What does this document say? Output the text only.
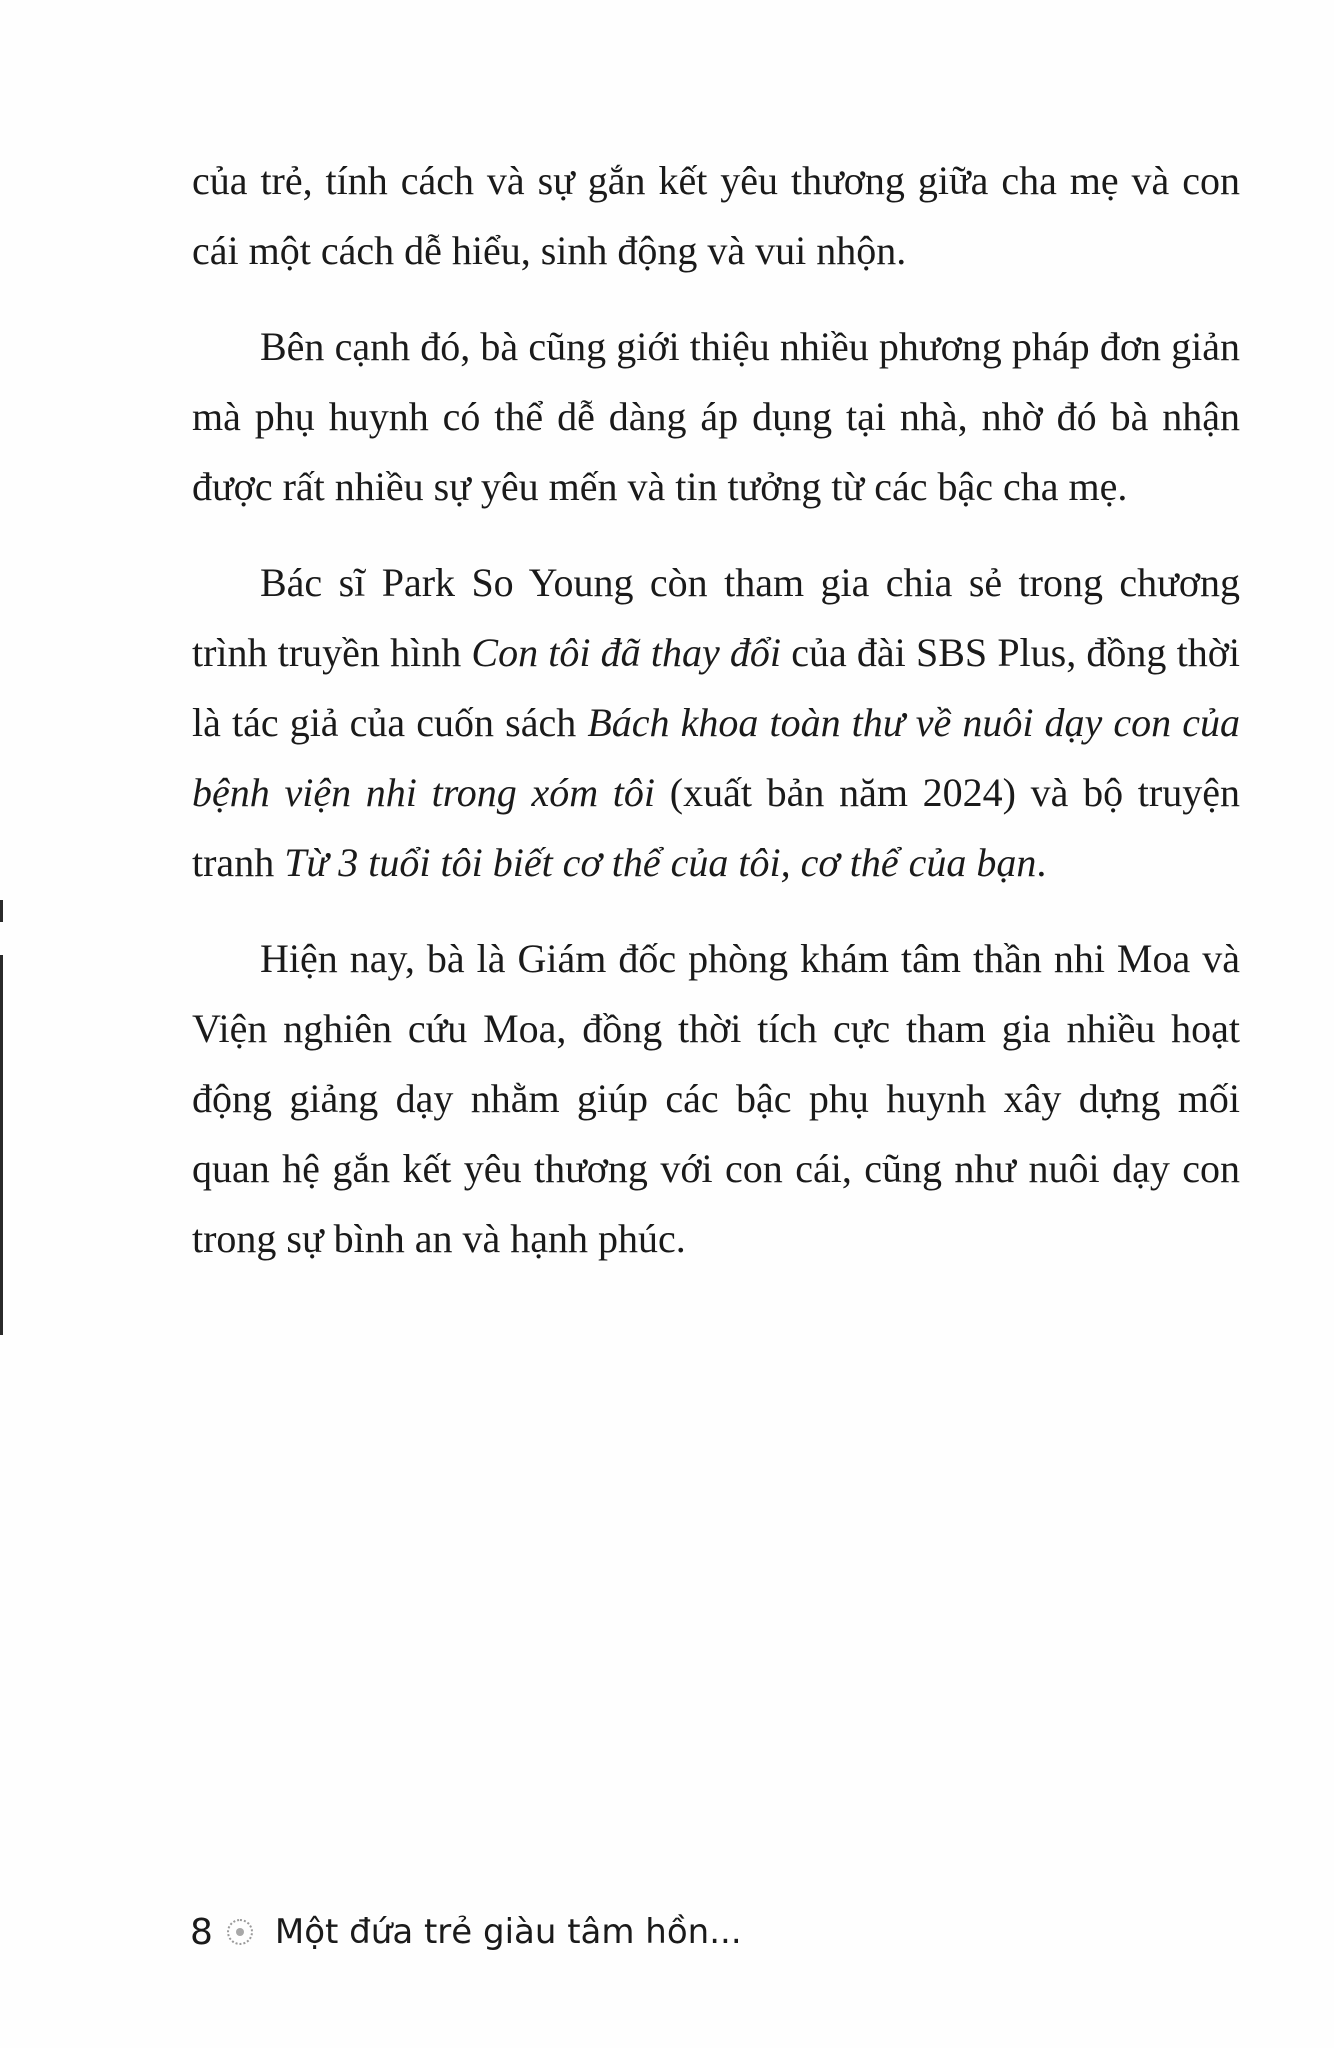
của trẻ, tính cách và sự gắn kết yêu thương giữa cha mẹ và con cái một cách dễ hiểu, sinh động và vui nhộn.

Bên cạnh đó, bà cũng giới thiệu nhiều phương pháp đơn giản mà phụ huynh có thể dễ dàng áp dụng tại nhà, nhờ đó bà nhận được rất nhiều sự yêu mến và tin tưởng từ các bậc cha mẹ.

Bác sĩ Park So Young còn tham gia chia sẻ trong chương trình truyền hình Con tôi đã thay đổi của đài SBS Plus, đồng thời là tác giả của cuốn sách Bách khoa toàn thư về nuôi dạy con của bệnh viện nhi trong xóm tôi (xuất bản năm 2024) và bộ truyện tranh Từ 3 tuổi tôi biết cơ thể của tôi, cơ thể của bạn.

Hiện nay, bà là Giám đốc phòng khám tâm thần nhi Moa và Viện nghiên cứu Moa, đồng thời tích cực tham gia nhiều hoạt động giảng dạy nhằm giúp các bậc phụ huynh xây dựng mối quan hệ gắn kết yêu thương với con cái, cũng như nuôi dạy con trong sự bình an và hạnh phúc.

8 Một đứa trẻ giàu tâm hồn...
